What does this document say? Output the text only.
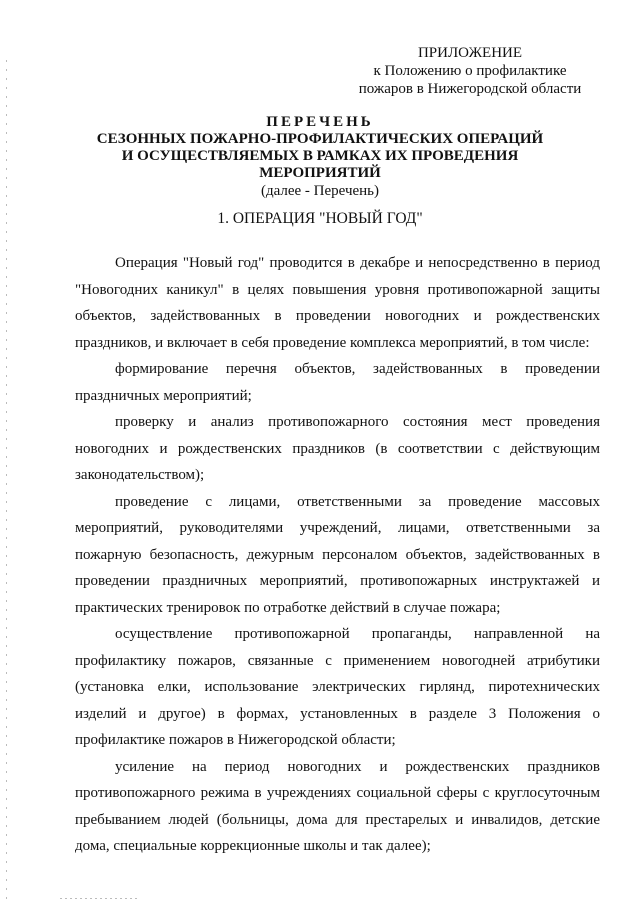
ПРИЛОЖЕНИЕ
к Положению о профилактике
пожаров в Нижегородской области
ПЕРЕЧЕНЬ
СЕЗОННЫХ ПОЖАРНО-ПРОФИЛАКТИЧЕСКИХ ОПЕРАЦИЙ
И ОСУЩЕСТВЛЯЕМЫХ В РАМКАХ ИХ ПРОВЕДЕНИЯ
МЕРОПРИЯТИЙ
(далее - Перечень)
1. ОПЕРАЦИЯ "НОВЫЙ ГОД"

Операция "Новый год" проводится в декабре и непосредственно в период "Новогодних каникул" в целях повышения уровня противопожарной защиты объектов, задействованных в проведении новогодних и рождественских праздников, и включает в себя проведение комплекса мероприятий, в том числе:

формирование перечня объектов, задействованных в проведении праздничных мероприятий;

проверку и анализ противопожарного состояния мест проведения новогодних и рождественских праздников (в соответствии с действующим законодательством);

проведение с лицами, ответственными за проведение массовых мероприятий, руководителями учреждений, лицами, ответственными за пожарную безопасность, дежурным персоналом объектов, задействованных в проведении праздничных мероприятий, противопожарных инструктажей и практических тренировок по отработке действий в случае пожара;

осуществление противопожарной пропаганды, направленной на профилактику пожаров, связанные с применением новогодней атрибутики (установка елки, использование электрических гирлянд, пиротехнических изделий и другое) в формах, установленных в разделе 3 Положения о профилактике пожаров в Нижегородской области;

усиление на период новогодних и рождественских праздников противопожарного режима в учреждениях социальной сферы с круглосуточным пребыванием людей (больницы, дома для престарелых и инвалидов, детские дома, специальные коррекционные школы и так далее);
